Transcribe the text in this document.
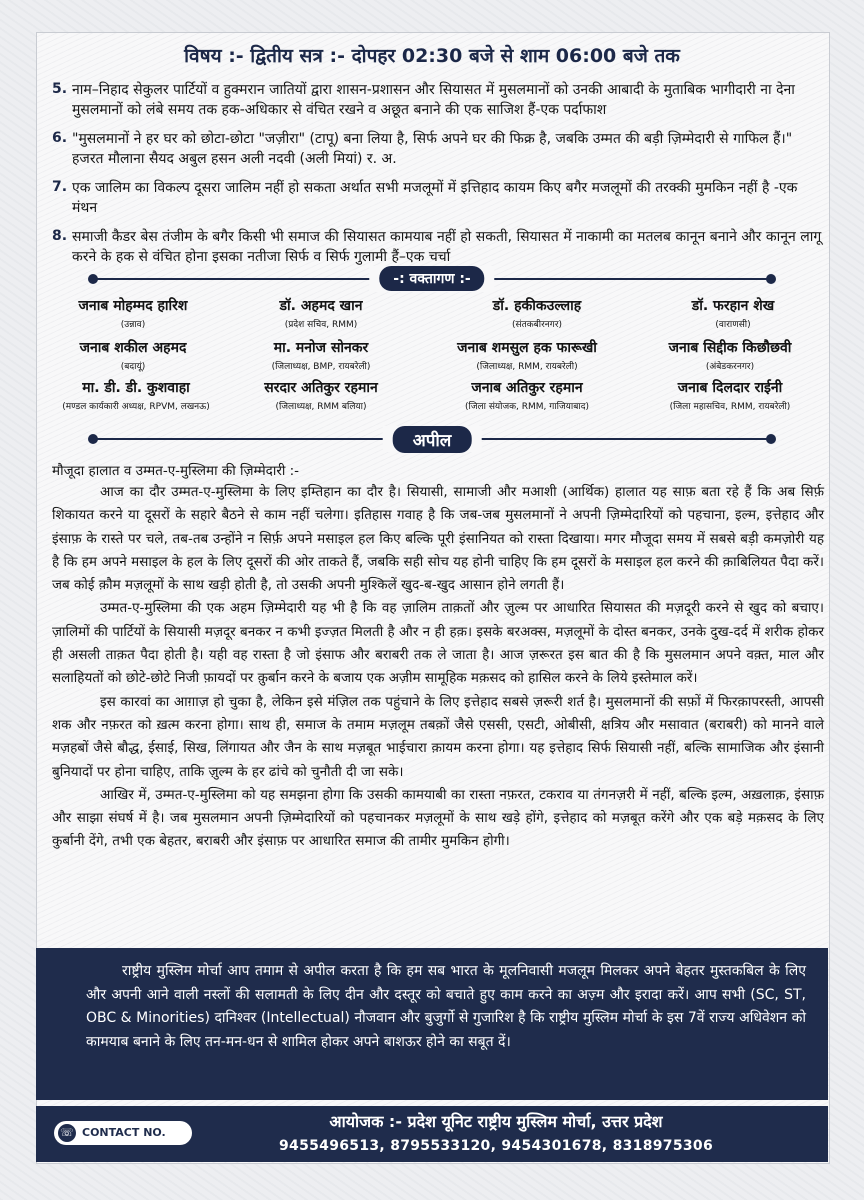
विषय :- द्वितीय सत्र :- दोपहर 02:30 बजे से शाम 06:00 बजे तक
5. नाम–निहाद सेकुलर पार्टियों व हुक्मरान जातियों द्वारा शासन-प्रशासन और सियासत में मुसलमानों को उनकी आबादी के मुताबिक भागीदारी ना देना मुसलमानों को लंबे समय तक हक-अधिकार से वंचित रखने व अछूत बनाने की एक साजिश हैं-एक पर्दाफाश
6. "मुसलमानों ने हर घर को छोटा-छोटा "जज़ीरा" (टापू) बना लिया है, सिर्फ अपने घर की फिक्र है, जबकि उम्मत की बड़ी ज़िम्मेदारी से गाफिल हैं।" हजरत मौलाना सैयद अबुल हसन अली नदवी (अली मियां) र. अ.
7. एक जालिम का विकल्प दूसरा जालिम नहीं हो सकता अर्थात सभी मजलूमों में इत्तिहाद कायम किए बगैर मजलूमों की तरक्की मुमकिन नहीं है -एक मंथन
8. समाजी कैडर बेस तंजीम के बगैर किसी भी समाज की सियासत कामयाब नहीं हो सकती, सियासत में नाकामी का मतलब कानून बनाने और कानून लागू करने के हक से वंचित होना इसका नतीजा सिर्फ व सिर्फ गुलामी हैं–एक चर्चा
-: वक्तागण :-
जनाब मोहम्मद हारिश
(उन्नाव)
डॉ. अहमद खान
(प्रदेश सचिव, RMM)
डॉ. हकीकउल्लाह
(संतकबीरनगर)
डॉ. फरहान शेख
(वाराणसी)
जनाब शकील अहमद
(बदायूं)
मा. मनोज सोनकर
(जिलाध्यक्ष, BMP, रायबरेली)
जनाब शमसुल हक फारूखी
(जिलाध्यक्ष, RMM, रायबरेली)
जनाब सिद्दीक किछौछवी
(अंबेडकरनगर)
मा. डी. डी. कुशवाहा
(मण्डल कार्यकारी अध्यक्ष, RPVM, लखनऊ)
सरदार अतिकुर रहमान
(जिलाध्यक्ष, RMM बलिया)
जनाब अतिकुर रहमान
(जिला संयोजक, RMM, गाजियाबाद)
जनाब दिलदार राईनी
(जिला महासचिव, RMM, रायबरेली)
अपील
मौजूदा हालात व उम्मत-ए-मुस्लिमा की ज़िम्मेदारी :-

आज का दौर उम्मत-ए-मुस्लिमा के लिए इम्तिहान का दौर है। सियासी, सामाजी और मआशी (आर्थिक) हालात यह साफ़ बता रहे हैं कि अब सिर्फ़ शिकायत करने या दूसरों के सहारे बैठने से काम नहीं चलेगा। इतिहास गवाह है कि जब-जब मुसलमानों ने अपनी ज़िम्मेदारियों को पहचाना, इल्म, इत्तेहाद और इंसाफ़ के रास्ते पर चले, तब-तब उन्होंने न सिर्फ़ अपने मसाइल हल किए बल्कि पूरी इंसानियत को रास्ता दिखाया। मगर मौजूदा समय में सबसे बड़ी कमज़ोरी यह है कि हम अपने मसाइल के हल के लिए दूसरों की ओर ताकते हैं, जबकि सही सोच यह होनी चाहिए कि हम दूसरों के मसाइल हल करने की क़ाबिलियत पैदा करें। जब कोई क़ौम मज़लूमों के साथ खड़ी होती है, तो उसकी अपनी मुश्किलें खुद-ब-खुद आसान होने लगती हैं।

उम्मत-ए-मुस्लिमा की एक अहम ज़िम्मेदारी यह भी है कि वह ज़ालिम ताक़तों और ज़ुल्म पर आधारित सियासत की मज़दूरी करने से खुद को बचाए। ज़ालिमों की पार्टियों के सियासी मज़दूर बनकर न कभी इज्ज़त मिलती है और न ही हक़। इसके बरअक्स, मज़लूमों के दोस्त बनकर, उनके दुख-दर्द में शरीक होकर ही असली ताक़त पैदा होती है। यही वह रास्ता है जो इंसाफ और बराबरी तक ले जाता है। आज ज़रूरत इस बात की है कि मुसलमान अपने वक़्त, माल और सलाहियतों को छोटे-छोटे निजी फ़ायदों पर क़ुर्बान करने के बजाय एक अज़ीम सामूहिक मक़सद को हासिल करने के लिये इस्तेमाल करें।

इस कारवां का आग़ाज़ हो चुका है, लेकिन इसे मंज़िल तक पहुंचाने के लिए इत्तेहाद सबसे ज़रूरी शर्त है। मुसलमानों की सफ़ों में फिरक़ापरस्ती, आपसी शक और नफ़रत को ख़त्म करना होगा। साथ ही, समाज के तमाम मज़लूम तबक़ों जैसे एससी, एसटी, ओबीसी, क्षत्रिय और मसावात (बराबरी) को मानने वाले मज़हबों जैसे बौद्ध, ईसाई, सिख, लिंगायत और जैन के साथ मज़बूत भाईचारा क़ायम करना होगा। यह इत्तेहाद सिर्फ सियासी नहीं, बल्कि सामाजिक और इंसानी बुनियादों पर होना चाहिए, ताकि ज़ुल्म के हर ढांचे को चुनौती दी जा सके।

आखिर में, उम्मत-ए-मुस्लिमा को यह समझना होगा कि उसकी कामयाबी का रास्ता नफ़रत, टकराव या तंगनज़री में नहीं, बल्कि इल्म, अख़लाक़, इंसाफ़ और साझा संघर्ष में है। जब मुसलमान अपनी ज़िम्मेदारियों को पहचानकर मज़लूमों के साथ खड़े होंगे, इत्तेहाद को मज़बूत करेंगे और एक बड़े मक़सद के लिए कुर्बानी देंगे, तभी एक बेहतर, बराबरी और इंसाफ़ पर आधारित समाज की तामीर मुमकिन होगी।

राष्ट्रीय मुस्लिम मोर्चा आप तमाम से अपील करता है कि हम सब भारत के मूलनिवासी मजलूम मिलकर अपने बेहतर मुस्तकबिल के लिए और अपनी आने वाली नस्लों की सलामती के लिए दीन और दस्तूर को बचाते हुए काम करने का अज़्म और इरादा करें। आप सभी (SC, ST, OBC & Minorities) दानिश्वर (Intellectual) नौजवान और बुजुर्गो से गुजारिश है कि राष्ट्रीय मुस्लिम मोर्चा के इस 7वें राज्य अधिवेशन को कामयाब बनाने के लिए तन-मन-धन से शामिल होकर अपने बाशऊर होने का सबूत दें।

☏ CONTACT NO.
आयोजक :- प्रदेश यूनिट राष्ट्रीय मुस्लिम मोर्चा, उत्तर प्रदेश
9455496513, 8795533120, 9454301678, 8318975306
